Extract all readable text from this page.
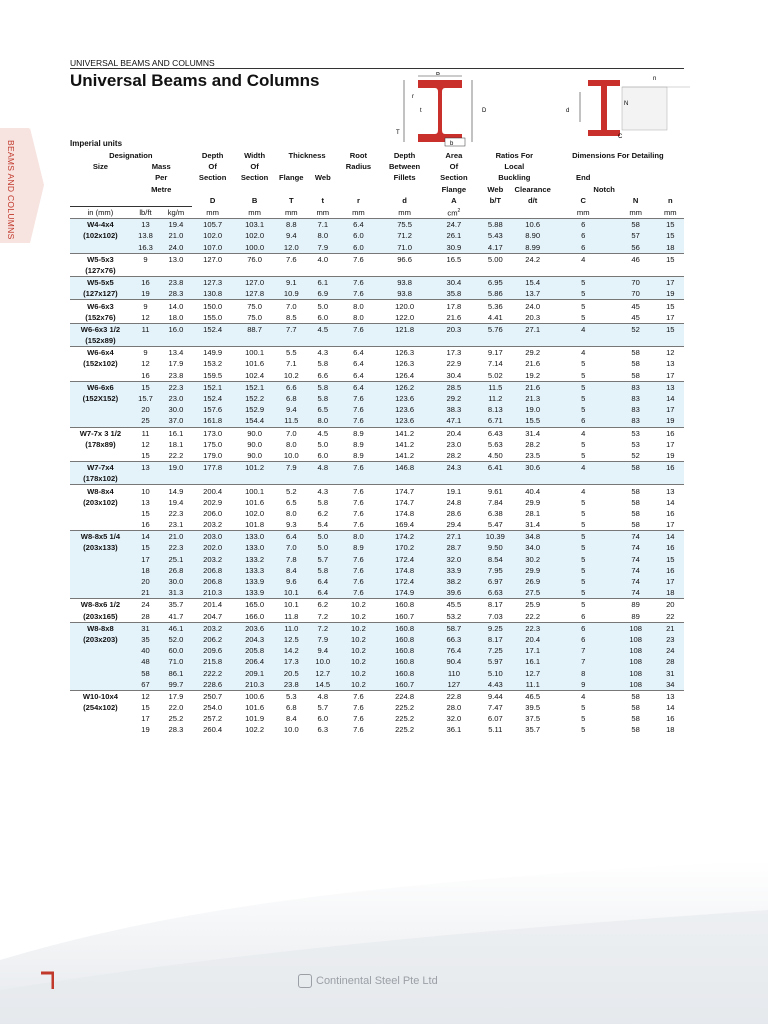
BEAMS AND COLUMNS
UNIVERSAL BEAMS AND COLUMNS
Universal Beams and Columns
Imperial units
B
T
t	D
r
b
n
N
d
C
Designation			Depth	Width	Thickness		Root	Depth	Area	Ratios For		Dimensions For Detailing		
Size	Mass		Of	Of			Radius	Between	Of	Local				
	Per		Section	Section	Flange	Web		Fillets	Section	Buckling		End		
	Metre								Flange	Web	Clearance	Notch		
			D	B	T	t	r	d	A	b/T	d/t	C	N	n
in (mm)	lb/ft	kg/m	mm	mm	mm	mm	mm	mm	$cm^2$			mm	mm	mm
W4-4x4	13	19.4	105.7	103.1	8.8	7.1	6.4	75.5	24.7	5.88	10.6	6	58	15
(102x102)	13.8	21.0	102.0	102.0	9.4	8.0	6.0	71.2	26.1	5.43	8.90	6	57	15
	16.3	24.0	107.0	100.0	12.0	7.9	6.0	71.0	30.9	4.17	8.99	6	56	18
W5-5x3	9	13.0	127.0	76.0	7.6	4.0	7.6	96.6	16.5	5.00	24.2	4	46	15
(127x76)														
W5-5x5	16	23.8	127.3	127.0	9.1	6.1	7.6	93.8	30.4	6.95	15.4	5	70	17
(127x127)	19	28.3	130.8	127.8	10.9	6.9	7.6	93.8	35.8	5.86	13.7	5	70	19
W6-6x3	9	14.0	150.0	75.0	7.0	5.0	8.0	120.0	17.8	5.36	24.0	5	45	15
(152x76)	12	18.0	155.0	75.0	8.5	6.0	8.0	122.0	21.6	4.41	20.3	5	45	17
W6-6x3 1/2	11	16.0	152.4	88.7	7.7	4.5	7.6	121.8	20.3	5.76	27.1	4	52	15
(152x89)														
W6-6x4	9	13.4	149.9	100.1	5.5	4.3	6.4	126.3	17.3	9.17	29.2	4	58	12
(152x102)	12	17.9	153.2	101.6	7.1	5.8	6.4	126.3	22.9	7.14	21.6	5	58	13
	16	23.8	159.5	102.4	10.2	6.6	6.4	126.4	30.4	5.02	19.2	5	58	17
W6-6x6	15	22.3	152.1	152.1	6.6	5.8	6.4	126.2	28.5	11.5	21.6	5	83	13
(152X152)	15.7	23.0	152.4	152.2	6.8	5.8	7.6	123.6	29.2	11.2	21.3	5	83	14
	20	30.0	157.6	152.9	9.4	6.5	7.6	123.6	38.3	8.13	19.0	5	83	17
	25	37.0	161.8	154.4	11.5	8.0	7.6	123.6	47.1	6.71	15.5	6	83	19
W7-7x 3 1/2	11	16.1	173.0	90.0	7.0	4.5	8.9	141.2	20.4	6.43	31.4	4	53	16
(178x89)	12	18.1	175.0	90.0	8.0	5.0	8.9	141.2	23.0	5.63	28.2	5	53	17
	15	22.2	179.0	90.0	10.0	6.0	8.9	141.2	28.2	4.50	23.5	5	52	19
W7-7x4	13	19.0	177.8	101.2	7.9	4.8	7.6	146.8	24.3	6.41	30.6	4	58	16
(178x102)														
W8-8x4	10	14.9	200.4	100.1	5.2	4.3	7.6	174.7	19.1	9.61	40.4	4	58	13
(203x102)	13	19.4	202.9	101.6	6.5	5.8	7.6	174.7	24.8	7.84	29.9	5	58	14
	15	22.3	206.0	102.0	8.0	6.2	7.6	174.8	28.6	6.38	28.1	5	58	16
	16	23.1	203.2	101.8	9.3	5.4	7.6	169.4	29.4	5.47	31.4	5	58	17
W8-8x5 1/4	14	21.0	203.0	133.0	6.4	5.0	8.0	174.2	27.1	10.39	34.8	5	74	14
(203x133)	15	22.3	202.0	133.0	7.0	5.0	8.9	170.2	28.7	9.50	34.0	5	74	16
	17	25.1	203.2	133.2	7.8	5.7	7.6	172.4	32.0	8.54	30.2	5	74	15
	18	26.8	206.8	133.3	8.4	5.8	7.6	174.8	33.9	7.95	29.9	5	74	16
	20	30.0	206.8	133.9	9.6	6.4	7.6	172.4	38.2	6.97	26.9	5	74	17
	21	31.3	210.3	133.9	10.1	6.4	7.6	174.9	39.6	6.63	27.5	5	74	18
W8-8x6 1/2	24	35.7	201.4	165.0	10.1	6.2	10.2	160.8	45.5	8.17	25.9	5	89	20
(203x165)	28	41.7	204.7	166.0	11.8	7.2	10.2	160.7	53.2	7.03	22.2	6	89	22
W8-8x8	31	46.1	203.2	203.6	11.0	7.2	10.2	160.8	58.7	9.25	22.3	6	108	21
(203x203)	35	52.0	206.2	204.3	12.5	7.9	10.2	160.8	66.3	8.17	20.4	6	108	23
	40	60.0	209.6	205.8	14.2	9.4	10.2	160.8	76.4	7.25	17.1	7	108	24
	48	71.0	215.8	206.4	17.3	10.0	10.2	160.8	90.4	5.97	16.1	7	108	28
	58	86.1	222.2	209.1	20.5	12.7	10.2	160.8	110	5.10	12.7	8	108	31
	67	99.7	228.6	210.3	23.8	14.5	10.2	160.7	127	4.43	11.1	9	108	34
W10-10x4	12	17.9	250.7	100.6	5.3	4.8	7.6	224.8	22.8	9.44	46.5	4	58	13
(254x102)	15	22.0	254.0	101.6	6.8	5.7	7.6	225.2	28.0	7.47	39.5	5	58	14
	17	25.2	257.2	101.9	8.4	6.0	7.6	225.2	32.0	6.07	37.5	5	58	16
	19	28.3	260.4	102.2	10.0	6.3	7.6	225.2	36.1	5.11	35.7	5	58	18
Continental Steel Pte Ltd
